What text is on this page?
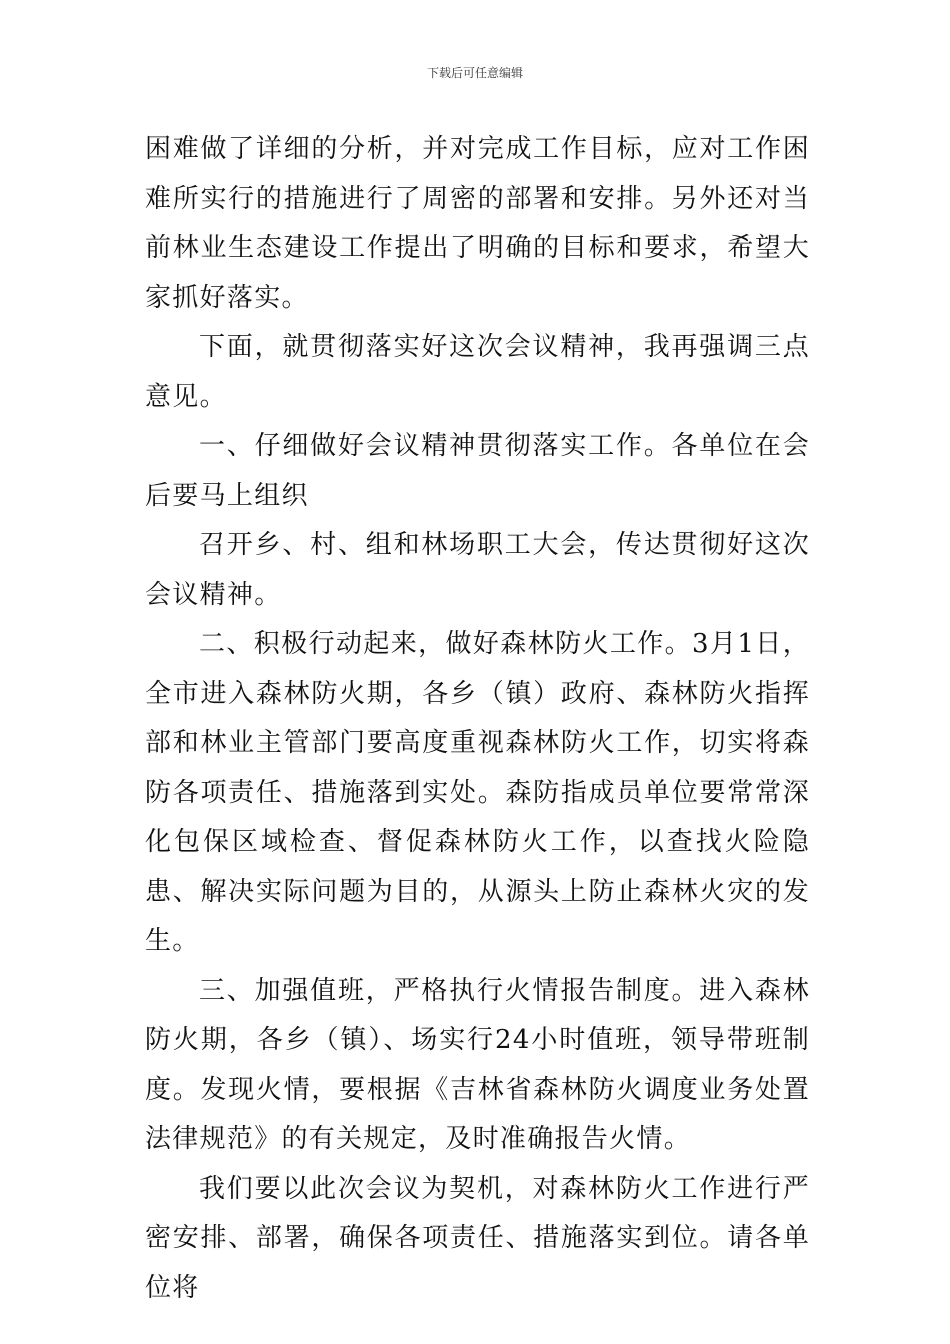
下载后可任意编辑

困难做了详细的分析，并对完成工作目标，应对工作困难所实行的措施进行了周密的部署和安排。另外还对当前林业生态建设工作提出了明确的目标和要求，希望大家抓好落实。

下面，就贯彻落实好这次会议精神，我再强调三点意见。

一、仔细做好会议精神贯彻落实工作。各单位在会后要马上组织

召开乡、村、组和林场职工大会，传达贯彻好这次会议精神。

二、积极行动起来，做好森林防火工作。3月1日，全市进入森林防火期，各乡（镇）政府、森林防火指挥部和林业主管部门要高度重视森林防火工作，切实将森防各项责任、措施落到实处。森防指成员单位要常常深化包保区域检查、督促森林防火工作，以查找火险隐患、解决实际问题为目的，从源头上防止森林火灾的发生。

三、加强值班，严格执行火情报告制度。进入森林防火期，各乡（镇）、场实行24小时值班，领导带班制度。发现火情，要根据《吉林省森林防火调度业务处置法律规范》的有关规定，及时准确报告火情。

我们要以此次会议为契机，对森林防火工作进行严密安排、部署，确保各项责任、措施落实到位。请各单位将
